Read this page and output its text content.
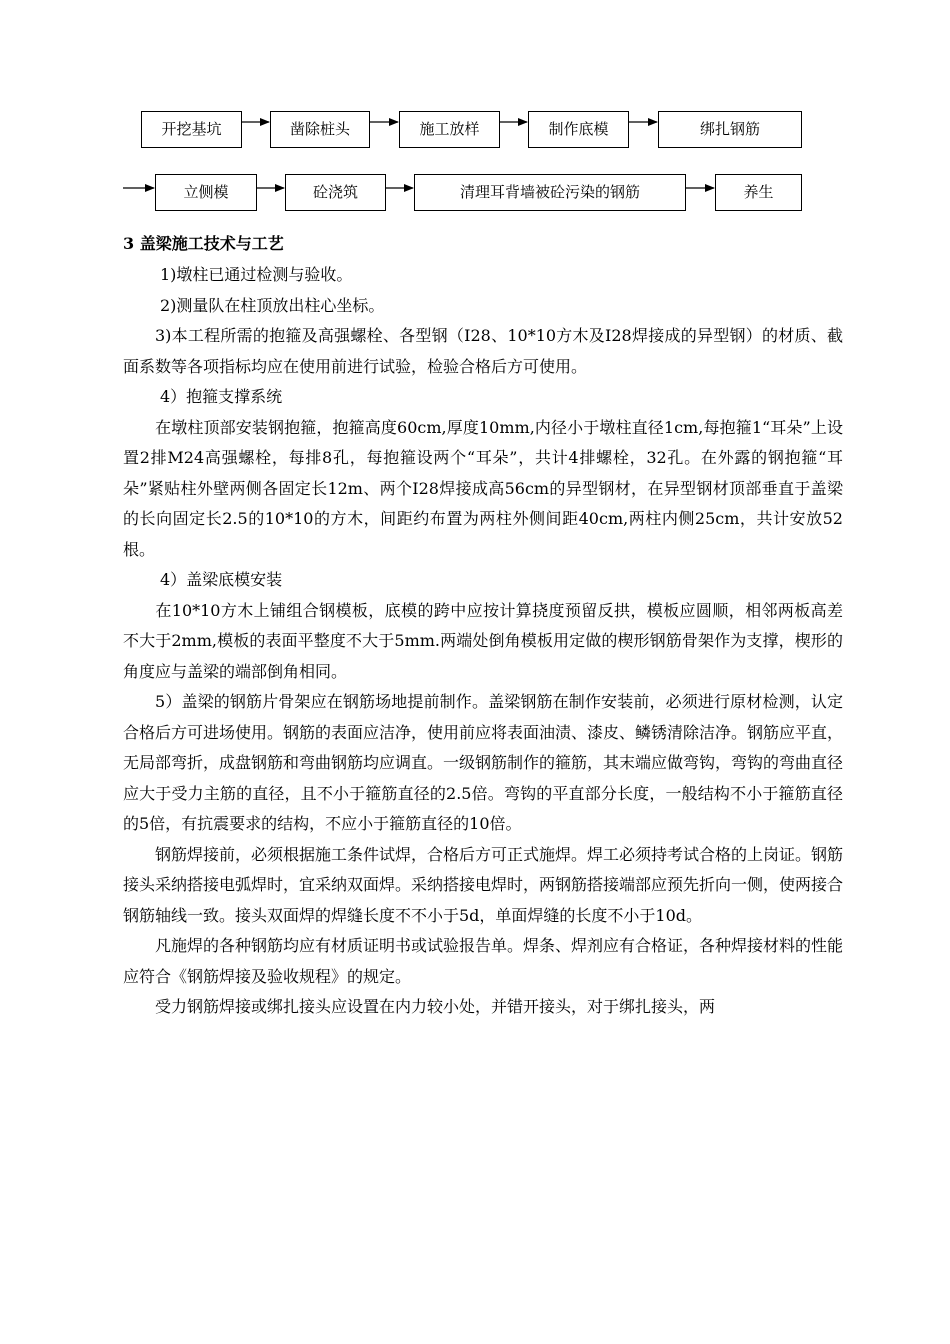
开挖基坑	凿除桩头	施工放样	制作底模	绑扎钢筋
立侧模	砼浇筑	清理耳背墙被砼污染的钢筋	养生
3 盖梁施工技术与工艺

1)墩柱已通过检测与验收。

2)测量队在柱顶放出柱心坐标。

3)本工程所需的抱箍及高强螺栓、各型钢（I28、10*10方木及I28焊接成的异型钢）的材质、截面系数等各项指标均应在使用前进行试验，检验合格后方可使用。

4）抱箍支撑系统

在墩柱顶部安装钢抱箍，抱箍高度60cm,厚度10mm,内径小于墩柱直径1cm,每抱箍1“耳朵”上设置2排M24高强螺栓，每排8孔，每抱箍设两个“耳朵”，共计4排螺栓，32孔。在外露的钢抱箍“耳朵”紧贴柱外壁两侧各固定长12m、两个I28焊接成高56cm的异型钢材，在异型钢材顶部垂直于盖梁的长向固定长2.5的10*10的方木，间距约布置为两柱外侧间距40cm,两柱内侧25cm，共计安放52根。

4）盖梁底模安装

在10*10方木上铺组合钢模板，底模的跨中应按计算挠度预留反拱，模板应圆顺，相邻两板高差不大于2mm,模板的表面平整度不大于5mm.两端处倒角模板用定做的楔形钢筋骨架作为支撑，楔形的角度应与盖梁的端部倒角相同。

5）盖梁的钢筋片骨架应在钢筋场地提前制作。盖梁钢筋在制作安装前，必须进行原材检测，认定合格后方可进场使用。钢筋的表面应洁净，使用前应将表面油渍、漆皮、鳞锈清除洁净。钢筋应平直，无局部弯折，成盘钢筋和弯曲钢筋均应调直。一级钢筋制作的箍筋，其末端应做弯钩，弯钩的弯曲直径应大于受力主筋的直径，且不小于箍筋直径的2.5倍。弯钩的平直部分长度，一般结构不小于箍筋直径的5倍，有抗震要求的结构，不应小于箍筋直径的10倍。

钢筋焊接前，必须根据施工条件试焊，合格后方可正式施焊。焊工必须持考试合格的上岗证。钢筋接头采纳搭接电弧焊时，宜采纳双面焊。采纳搭接电焊时，两钢筋搭接端部应预先折向一侧，使两接合钢筋轴线一致。接头双面焊的焊缝长度不不小于5d，单面焊缝的长度不小于10d。

凡施焊的各种钢筋均应有材质证明书或试验报告单。焊条、焊剂应有合格证，各种焊接材料的性能应符合《钢筋焊接及验收规程》的规定。

受力钢筋焊接或绑扎接头应设置在内力较小处，并错开接头，对于绑扎接头，两
